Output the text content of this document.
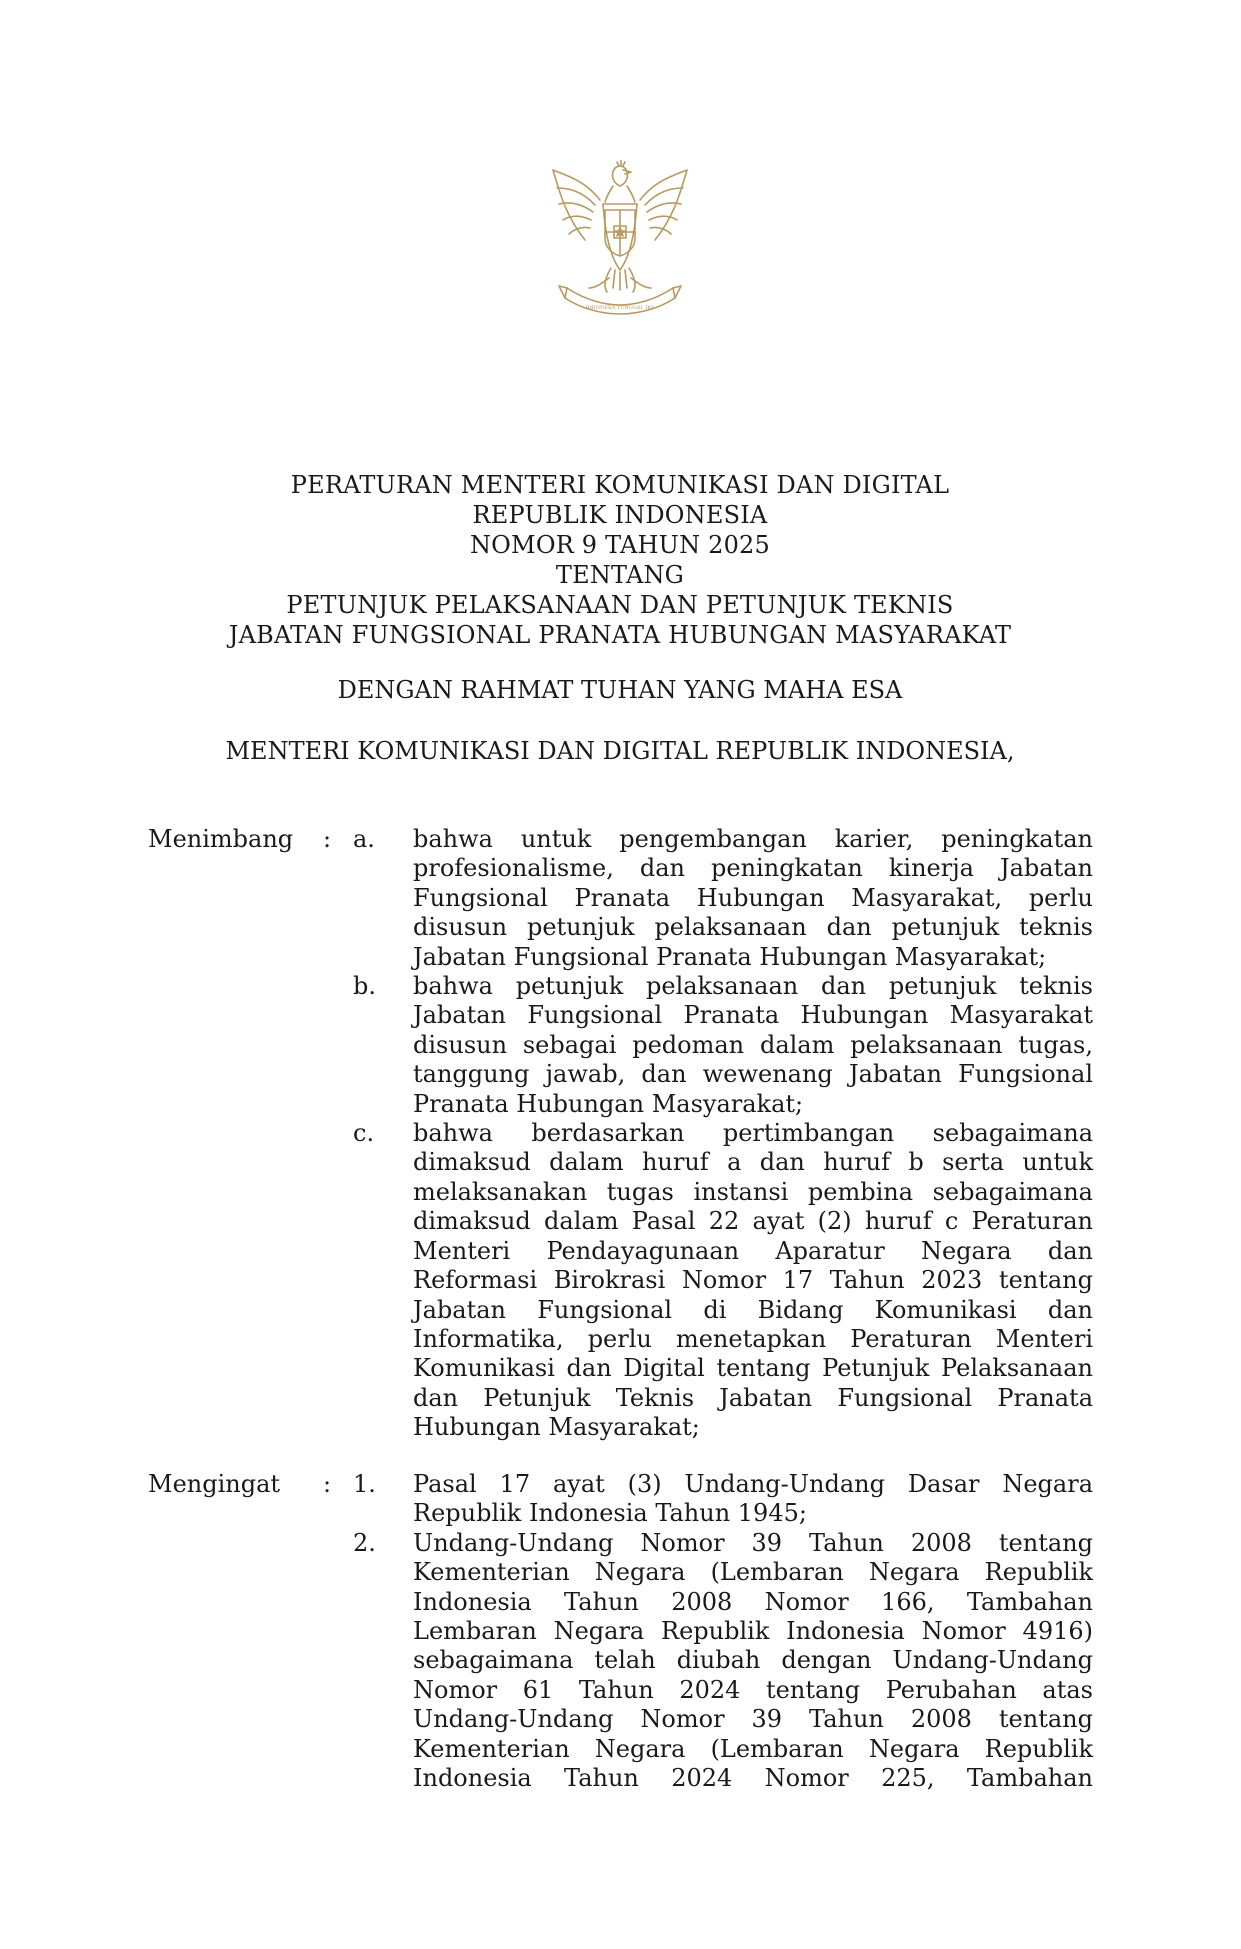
BHINNEKA TUNGGAL IKA
PERATURAN MENTERI KOMUNIKASI DAN DIGITAL
REPUBLIK INDONESIA
NOMOR 9 TAHUN 2025
TENTANG
PETUNJUK PELAKSANAAN DAN PETUNJUK TEKNIS
JABATAN FUNGSIONAL PRANATA HUBUNGAN MASYARAKAT
DENGAN RAHMAT TUHAN YANG MAHA ESA
MENTERI KOMUNIKASI DAN DIGITAL REPUBLIK INDONESIA,
Menimbang : a. bahwa untuk pengembangan karier, peningkatan
profesionalisme, dan peningkatan kinerja Jabatan
Fungsional Pranata Hubungan Masyarakat, perlu
disusun petunjuk pelaksanaan dan petunjuk teknis
Jabatan Fungsional Pranata Hubungan Masyarakat;
b. bahwa petunjuk pelaksanaan dan petunjuk teknis
Jabatan Fungsional Pranata Hubungan Masyarakat
disusun sebagai pedoman dalam pelaksanaan tugas,
tanggung jawab, dan wewenang Jabatan Fungsional
Pranata Hubungan Masyarakat;
c. bahwa berdasarkan pertimbangan sebagaimana
dimaksud dalam huruf a dan huruf b serta untuk
melaksanakan tugas instansi pembina sebagaimana
dimaksud dalam Pasal 22 ayat (2) huruf c Peraturan
Menteri Pendayagunaan Aparatur Negara dan
Reformasi Birokrasi Nomor 17 Tahun 2023 tentang
Jabatan Fungsional di Bidang Komunikasi dan
Informatika, perlu menetapkan Peraturan Menteri
Komunikasi dan Digital tentang Petunjuk Pelaksanaan
dan Petunjuk Teknis Jabatan Fungsional Pranata
Hubungan Masyarakat;
Mengingat : 1. Pasal 17 ayat (3) Undang-Undang Dasar Negara
Republik Indonesia Tahun 1945;
2. Undang-Undang Nomor 39 Tahun 2008 tentang
Kementerian Negara (Lembaran Negara Republik
Indonesia Tahun 2008 Nomor 166, Tambahan
Lembaran Negara Republik Indonesia Nomor 4916)
sebagaimana telah diubah dengan Undang-Undang
Nomor 61 Tahun 2024 tentang Perubahan atas
Undang-Undang Nomor 39 Tahun 2008 tentang
Kementerian Negara (Lembaran Negara Republik
Indonesia Tahun 2024 Nomor 225, Tambahan
